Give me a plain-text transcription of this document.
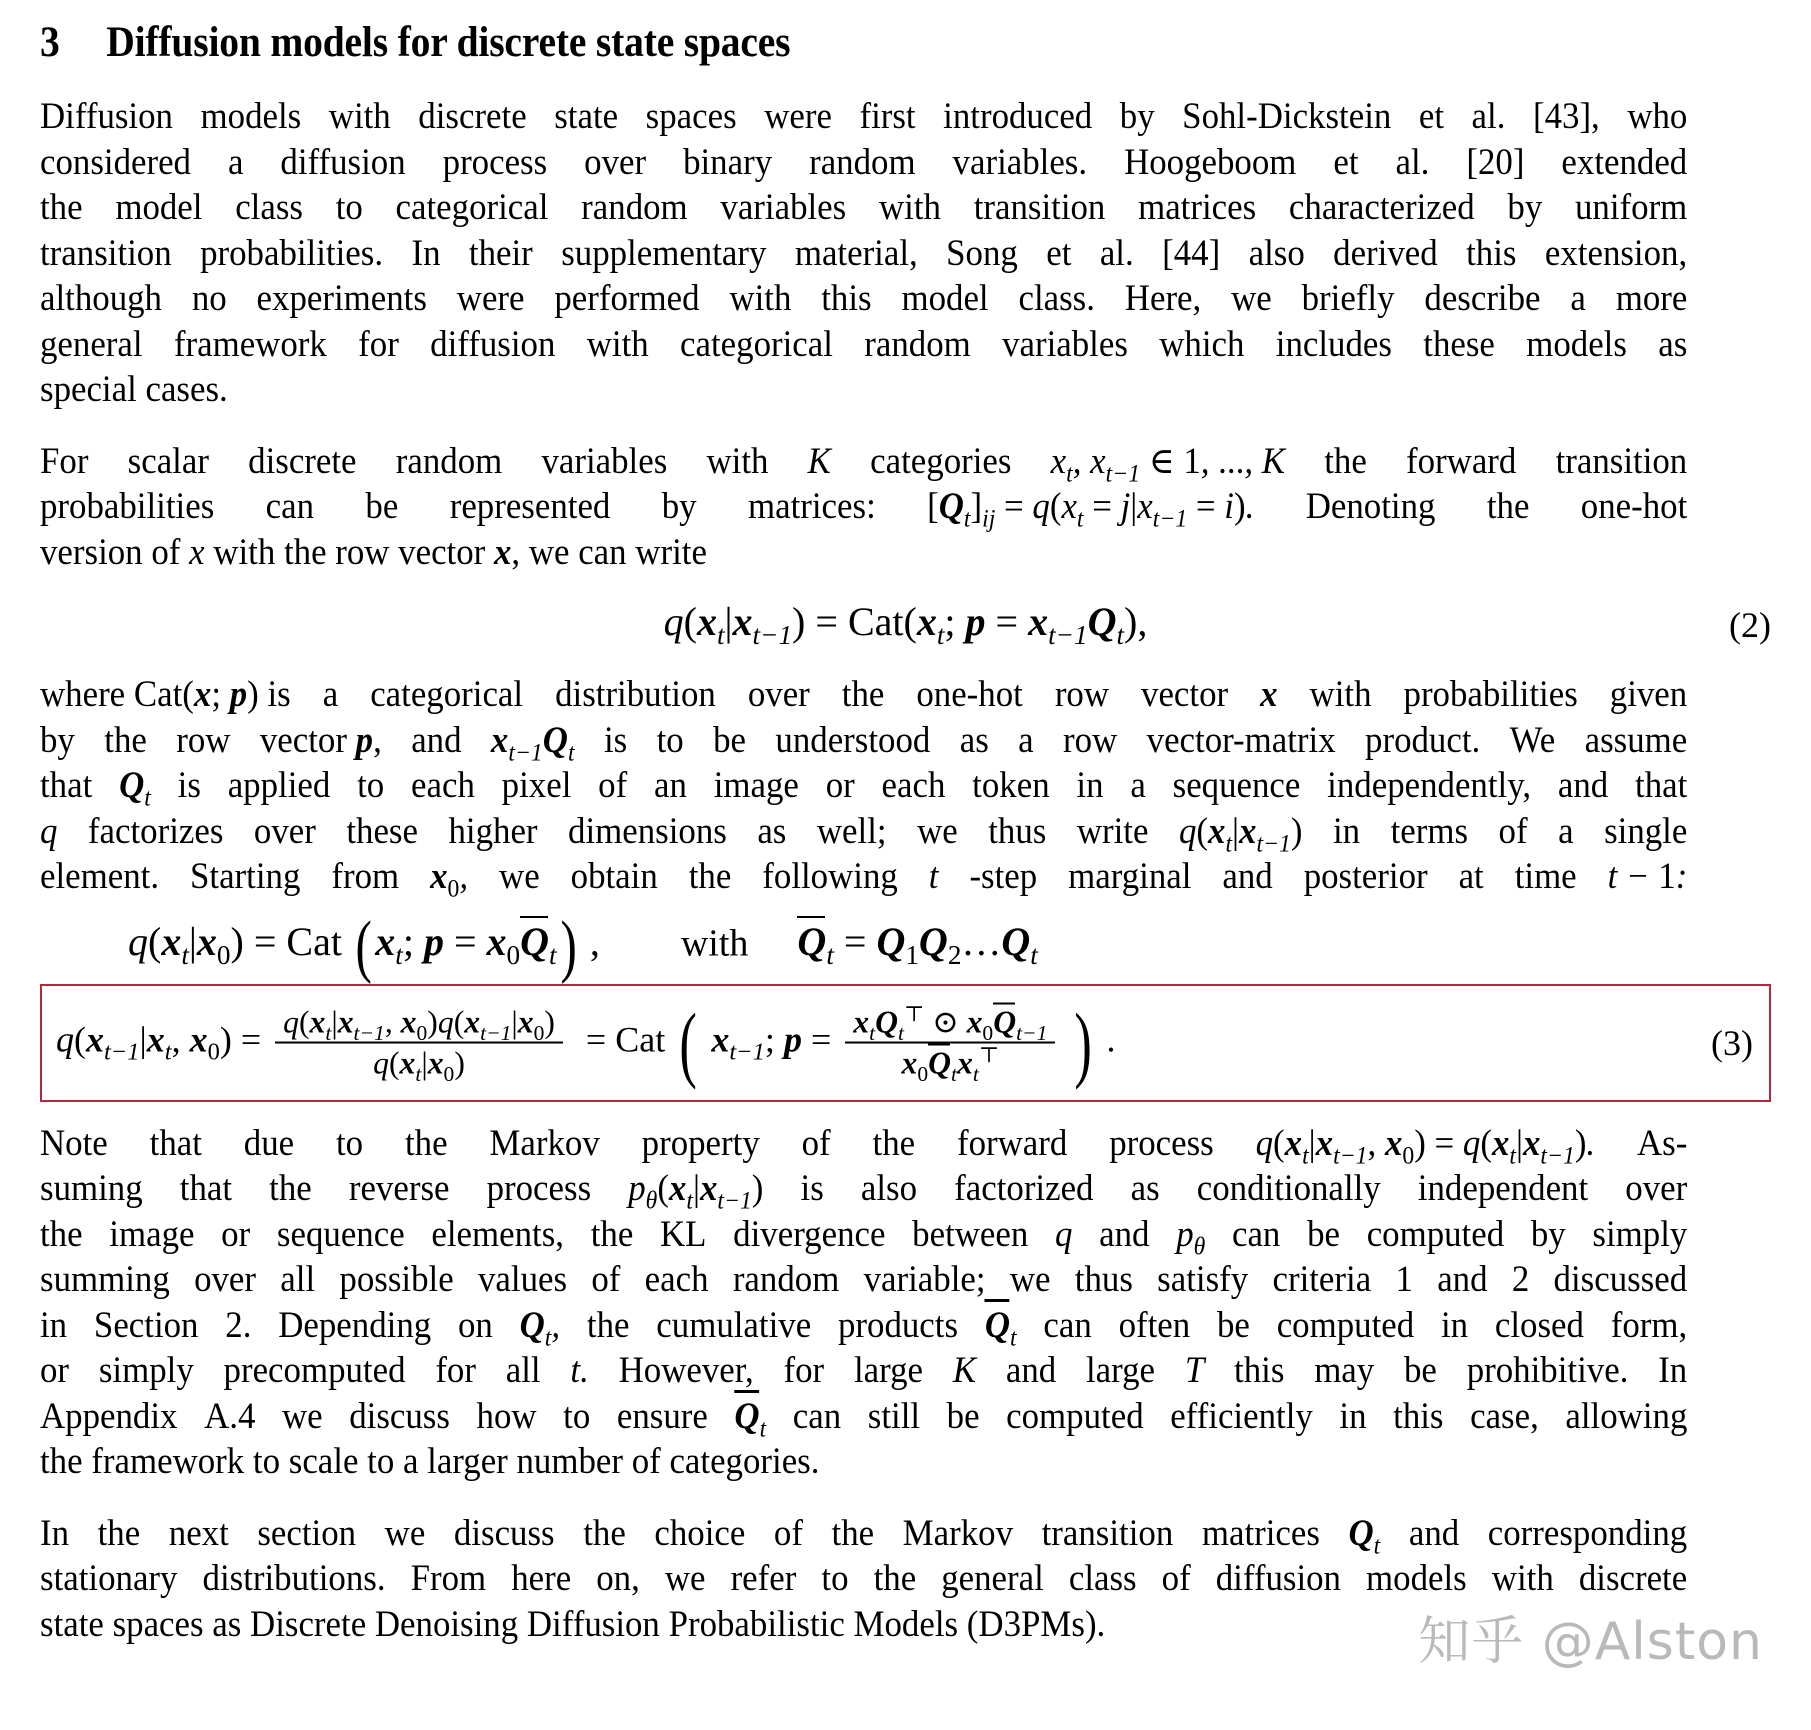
3	Diffusion models for discrete state spaces
Diffusion models with discrete state spaces were first introduced by Sohl-Dickstein et al. [43], who
considered a diffusion process over binary random variables. Hoogeboom et al. [20] extended
the model class to categorical random variables with transition matrices characterized by uniform
transition probabilities. In their supplementary material, Song et al. [44] also derived this extension,
although no experiments were performed with this model class. Here, we briefly describe a more
general framework for diffusion with categorical random variables which includes these models as
special cases.
For scalar discrete random variables with K categories $x_t$, $x_{t-1}$ ∈ 1, ..., K the forward transition
probabilities can be represented by matrices: $[Q_t]_{ij} = q(x_t = j|x_{t-1} = i)$. Denoting the one-hot
version of x with the row vector x, we can write
$q(x_t|x_{t-1}) = Cat(x_t$; $p = x_{t-1}Q_t$),	(2)
where Cat(x; p) is a categorical distribution over the one-hot row vector x with probabilities given
by the row vector p, and $x_{t-1}Q_t$ is to be understood as a row vector-matrix product. We assume
that $Q_t$ is applied to each pixel of an image or each token in a sequence independently, and that
q factorizes over these higher dimensions as well; we thus write $q(x_t|x_{t-1})$ in terms of a single
element. Starting from $x_0$, we obtain the following t -step marginal and posterior at time t − 1:
$q(x_t|x_0)$ = Cat ($x_t$; $p = x_0Q_t$) , with $Q_t$ = $Q_1Q_2\dots Q_t$
$q(x_{t-1}|x_t$, $x_0) = \frac{q(x_t|x_{t-1}, x_0)q(x_{t-1}|x_0)}{q(x_t|x_0)}$ = Cat ( $x_{t-1}$; $p = \frac{x_tQ_t^⊤ ⊙ x_0Q_{t-1}}{x_0Q_tx_t^⊤}$ ) .	(3)
Note that due to the Markov property of the forward process $q(x_t|x_{t-1}$, $x_0) = q(x_t|x_{t-1})$. As-
suming that the reverse process $p_\theta(x_t|x_{t-1})$ is also factorized as conditionally independent over
the image or sequence elements, the KL divergence between q and $p_\theta$ can be computed by simply
summing over all possible values of each random variable; we thus satisfy criteria 1 and 2 discussed
in Section 2. Depending on $Q_t$, the cumulative products $Q_t$ can often be computed in closed form,
or simply precomputed for all t. However, for large K and large T this may be prohibitive. In
Appendix A.4 we discuss how to ensure $Q_t$ can still be computed efficiently in this case, allowing
the framework to scale to a larger number of categories.
In the next section we discuss the choice of the Markov transition matrices $Q_t$ and corresponding
stationary distributions. From here on, we refer to the general class of diffusion models with discrete
state spaces as Discrete Denoising Diffusion Probabilistic Models (D3PMs).	知乎 @Alston
